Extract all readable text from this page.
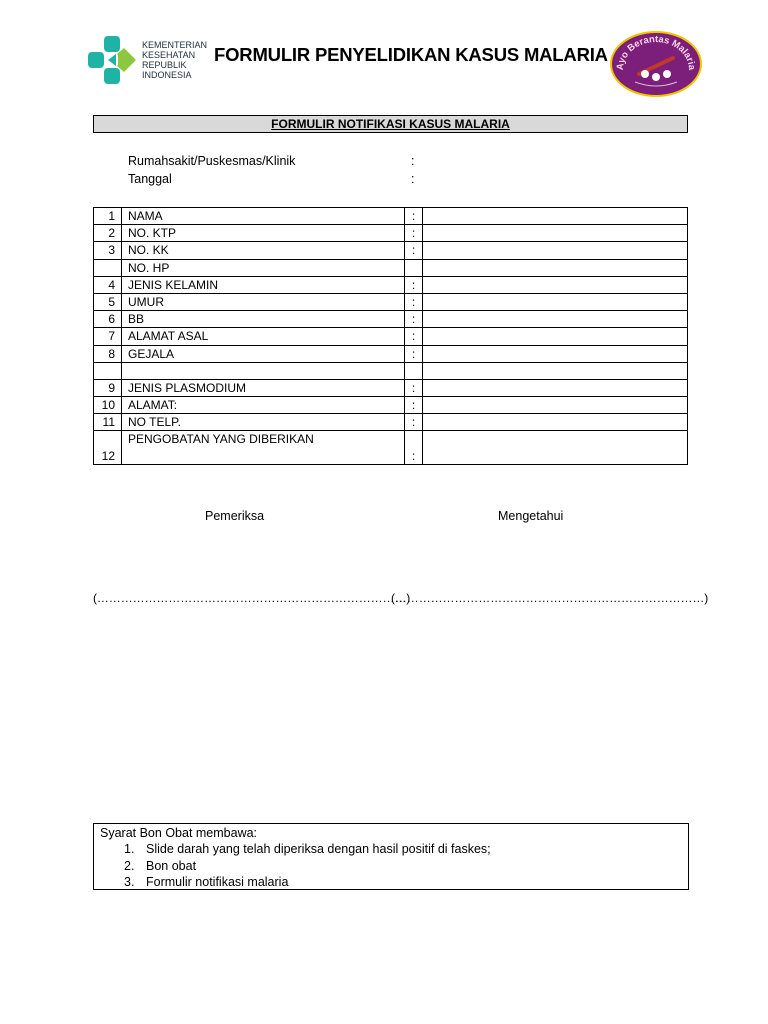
KEMENTERIAN
KESEHATAN
REPUBLIK
INDONESIA
FORMULIR PENYELIDIKAN KASUS MALARIA
Ayo Berantas Malaria
FORMULIR NOTIFIKASI KASUS MALARIA
Rumahsakit/Puskesmas/Klinik	:
Tanggal	:
1	NAMA	:	
2	NO. KTP	:	
3	NO. KK	:	
	NO. HP		
4	JENIS KELAMIN	:	
5	UMUR	:	
6	BB	:	
7	ALAMAT ASAL	:	
8	GEJALA	:	

9	JENIS PLASMODIUM	:	
10	ALAMAT:	:	
11	NO TELP.	:	
12	PENGOBATAN YANG DIBERIKAN	:	
Pemeriksa	Mengetahui
(……………………………………………………………………)
(……………………………………………………………………)
Syarat Bon Obat membawa:
1. Slide darah yang telah diperiksa dengan hasil positif di faskes;
2. Bon obat
3. Formulir notifikasi malaria
